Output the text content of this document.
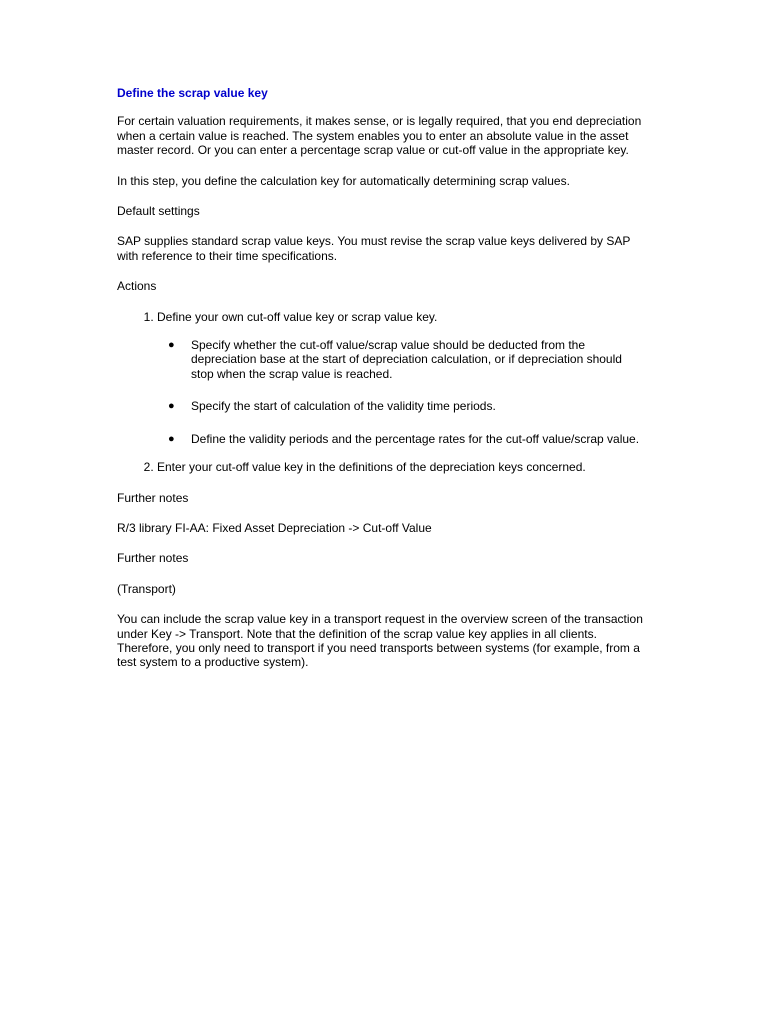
Define the scrap value key

For certain valuation requirements, it makes sense, or is legally required, that you end depreciation when a certain value is reached. The system enables you to enter an absolute value in the asset master record. Or you can enter a percentage scrap value or cut-off value in the appropriate key.

In this step, you define the calculation key for automatically determining scrap values.

Default settings

SAP supplies standard scrap value keys. You must revise the scrap value keys delivered by SAP with reference to their time specifications.

Actions

1. Define your own cut-off value key or scrap value key.
● Specify whether the cut-off value/scrap value should be deducted from the depreciation base at the start of depreciation calculation, or if depreciation should stop when the scrap value is reached.
● Specify the start of calculation of the validity time periods.
● Define the validity periods and the percentage rates for the cut-off value/scrap value.
2. Enter your cut-off value key in the definitions of the depreciation keys concerned.

Further notes

R/3 library FI-AA: Fixed Asset Depreciation -> Cut-off Value

Further notes

(Transport)

You can include the scrap value key in a transport request in the overview screen of the transaction under Key -> Transport. Note that the definition of the scrap value key applies in all clients. Therefore, you only need to transport if you need transports between systems (for example, from a test system to a productive system).
